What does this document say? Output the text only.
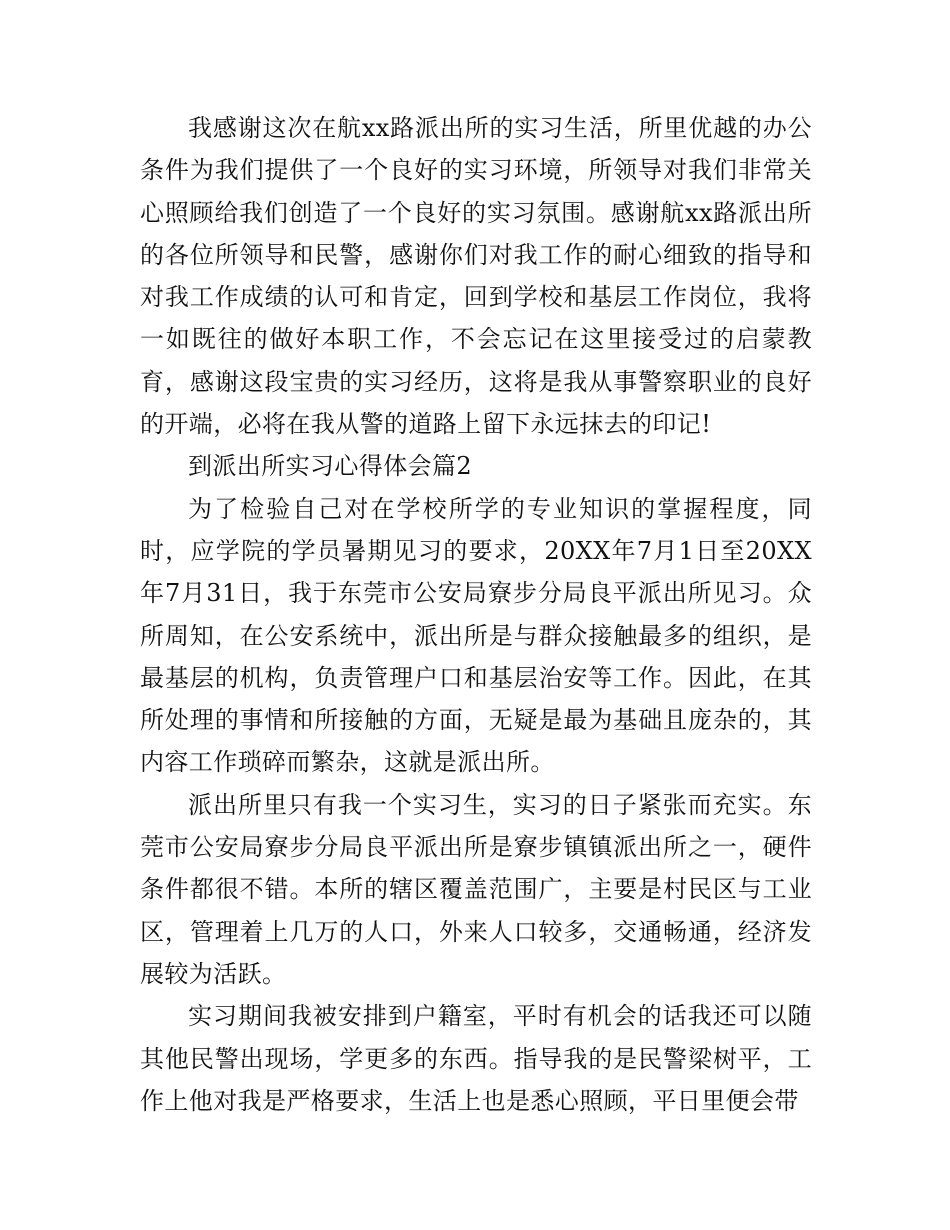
我感谢这次在航xx路派出所的实习生活，所里优越的办公条件为我们提供了一个良好的实习环境，所领导对我们非常关心照顾给我们创造了一个良好的实习氛围。感谢航xx路派出所的各位所领导和民警，感谢你们对我工作的耐心细致的指导和对我工作成绩的认可和肯定，回到学校和基层工作岗位，我将一如既往的做好本职工作，不会忘记在这里接受过的启蒙教育，感谢这段宝贵的实习经历，这将是我从事警察职业的良好的开端，必将在我从警的道路上留下永远抹去的印记!

到派出所实习心得体会篇2

为了检验自己对在学校所学的专业知识的掌握程度，同时，应学院的学员暑期见习的要求，20XX年7月1日至20XX年7月31日，我于东莞市公安局寮步分局良平派出所见习。众所周知，在公安系统中，派出所是与群众接触最多的组织，是最基层的机构，负责管理户口和基层治安等工作。因此，在其所处理的事情和所接触的方面，无疑是最为基础且庞杂的，其内容工作琐碎而繁杂，这就是派出所。

派出所里只有我一个实习生，实习的日子紧张而充实。东莞市公安局寮步分局良平派出所是寮步镇镇派出所之一，硬件条件都很不错。本所的辖区覆盖范围广，主要是村民区与工业区，管理着上几万的人口，外来人口较多，交通畅通，经济发展较为活跃。

实习期间我被安排到户籍室，平时有机会的话我还可以随其他民警出现场，学更多的东西。指导我的是民警梁树平，工作上他对我是严格要求，生活上也是悉心照顾，平日里便会带
